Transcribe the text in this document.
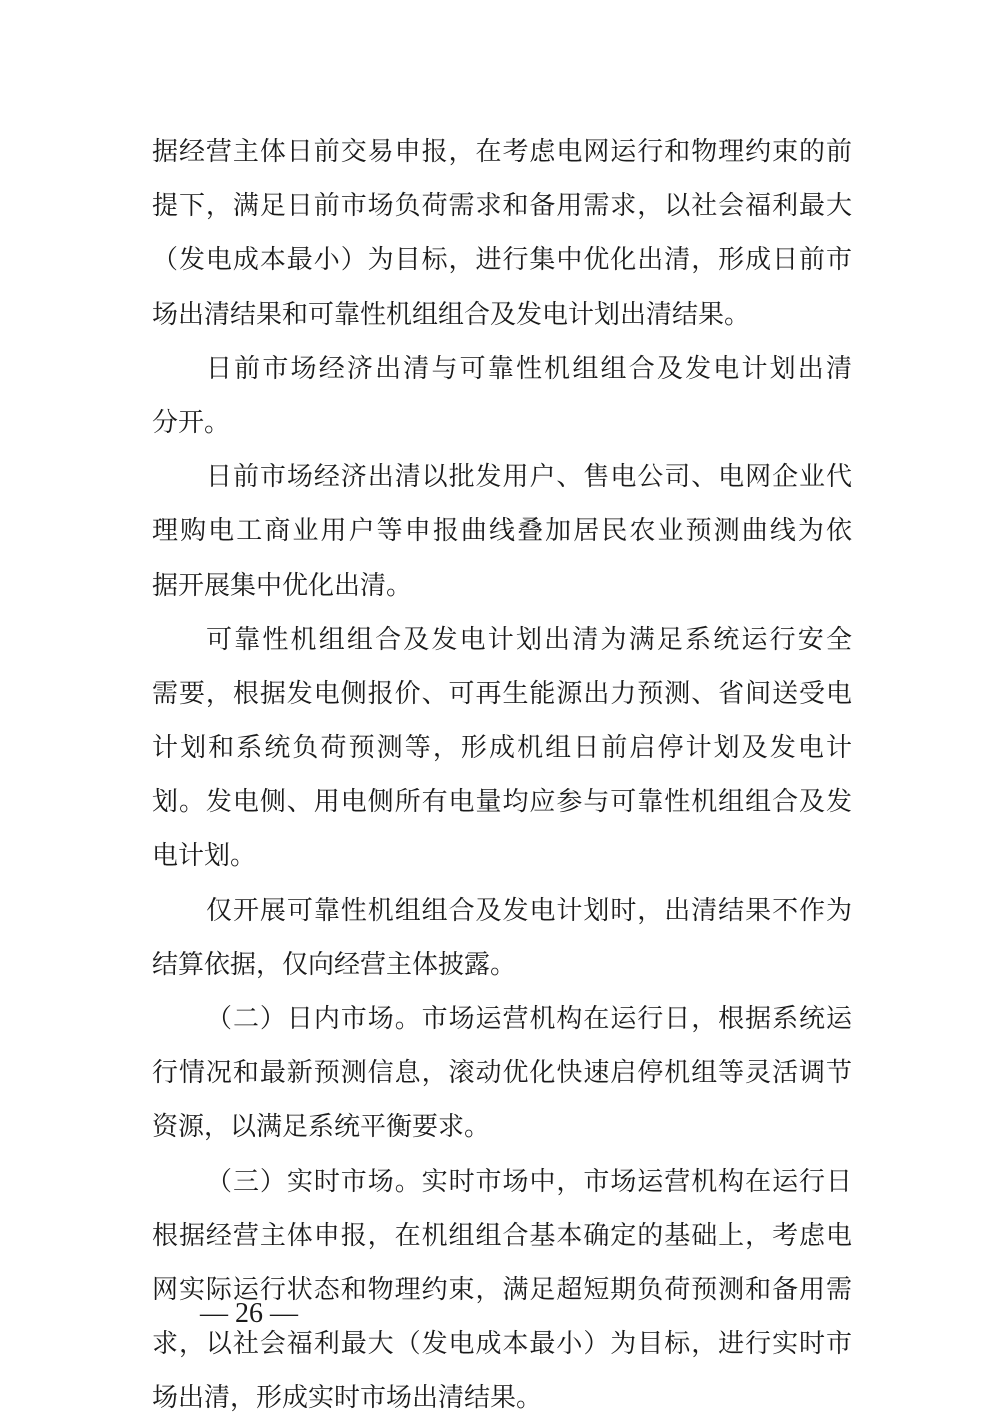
据经营主体日前交易申报，在考虑电网运行和物理约束的前
提下，满足日前市场负荷需求和备用需求，以社会福利最大
（发电成本最小）为目标，进行集中优化出清，形成日前市
场出清结果和可靠性机组组合及发电计划出清结果。
日前市场经济出清与可靠性机组组合及发电计划出清
分开。
日前市场经济出清以批发用户、售电公司、电网企业代
理购电工商业用户等申报曲线叠加居民农业预测曲线为依
据开展集中优化出清。
可靠性机组组合及发电计划出清为满足系统运行安全
需要，根据发电侧报价、可再生能源出力预测、省间送受电
计划和系统负荷预测等，形成机组日前启停计划及发电计
划。发电侧、用电侧所有电量均应参与可靠性机组组合及发
电计划。
仅开展可靠性机组组合及发电计划时，出清结果不作为
结算依据，仅向经营主体披露。
（二）日内市场。市场运营机构在运行日，根据系统运
行情况和最新预测信息，滚动优化快速启停机组等灵活调节
资源，以满足系统平衡要求。
（三）实时市场。实时市场中，市场运营机构在运行日
根据经营主体申报，在机组组合基本确定的基础上，考虑电
网实际运行状态和物理约束，满足超短期负荷预测和备用需
求，以社会福利最大（发电成本最小）为目标，进行实时市
场出清，形成实时市场出清结果。
— 26 —
